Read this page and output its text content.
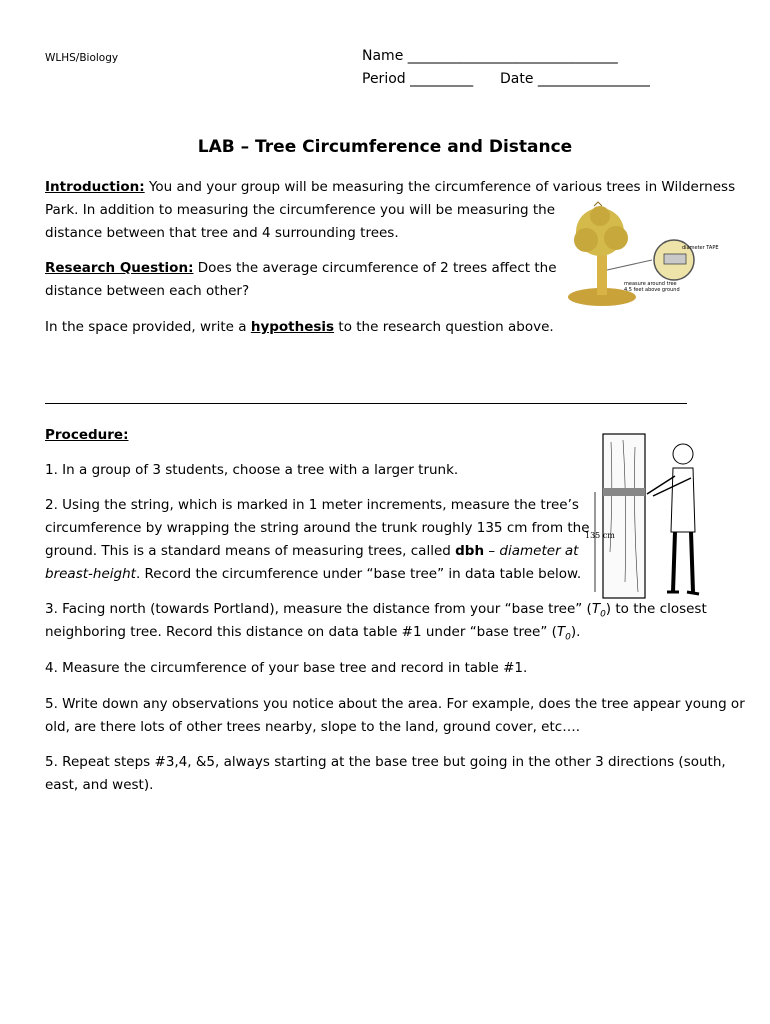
WLHS/Biology	Name ______________________________
Period _________ Date ________________
LAB – Tree Circumference and Distance
Introduction: You and your group will be measuring the circumference of various trees in Wilderness
Park. In addition to measuring the circumference you will be measuring the
distance between that tree and 4 surrounding trees.
Research Question: Does the average circumference of 2 trees affect the
distance between each other?
In the space provided, write a hypothesis to the research question above.
Procedure:
1. In a group of 3 students, choose a tree with a larger trunk.
2. Using the string, which is marked in 1 meter increments, measure the tree’s
circumference by wrapping the string around the trunk roughly 135 cm from the
ground. This is a standard means of measuring trees, called dbh – diameter at
breast-height. Record the circumference under “base tree” in data table below.
3. Facing north (towards Portland), measure the distance from your “base tree” $(T_0)$ to the closest
neighboring tree. Record this distance on data table #1 under “base tree” $(T_0)$.
4. Measure the circumference of your base tree and record in table #1.
5. Write down any observations you notice about the area. For example, does the tree appear young or
old, are there lots of other trees nearby, slope to the land, ground cover, etc….
5. Repeat steps #3,4, &5, always starting at the base tree but going in the other 3 directions (south,
east, and west).
diameter TAPE
measure around tree
4.5 feet above ground
135 cm
